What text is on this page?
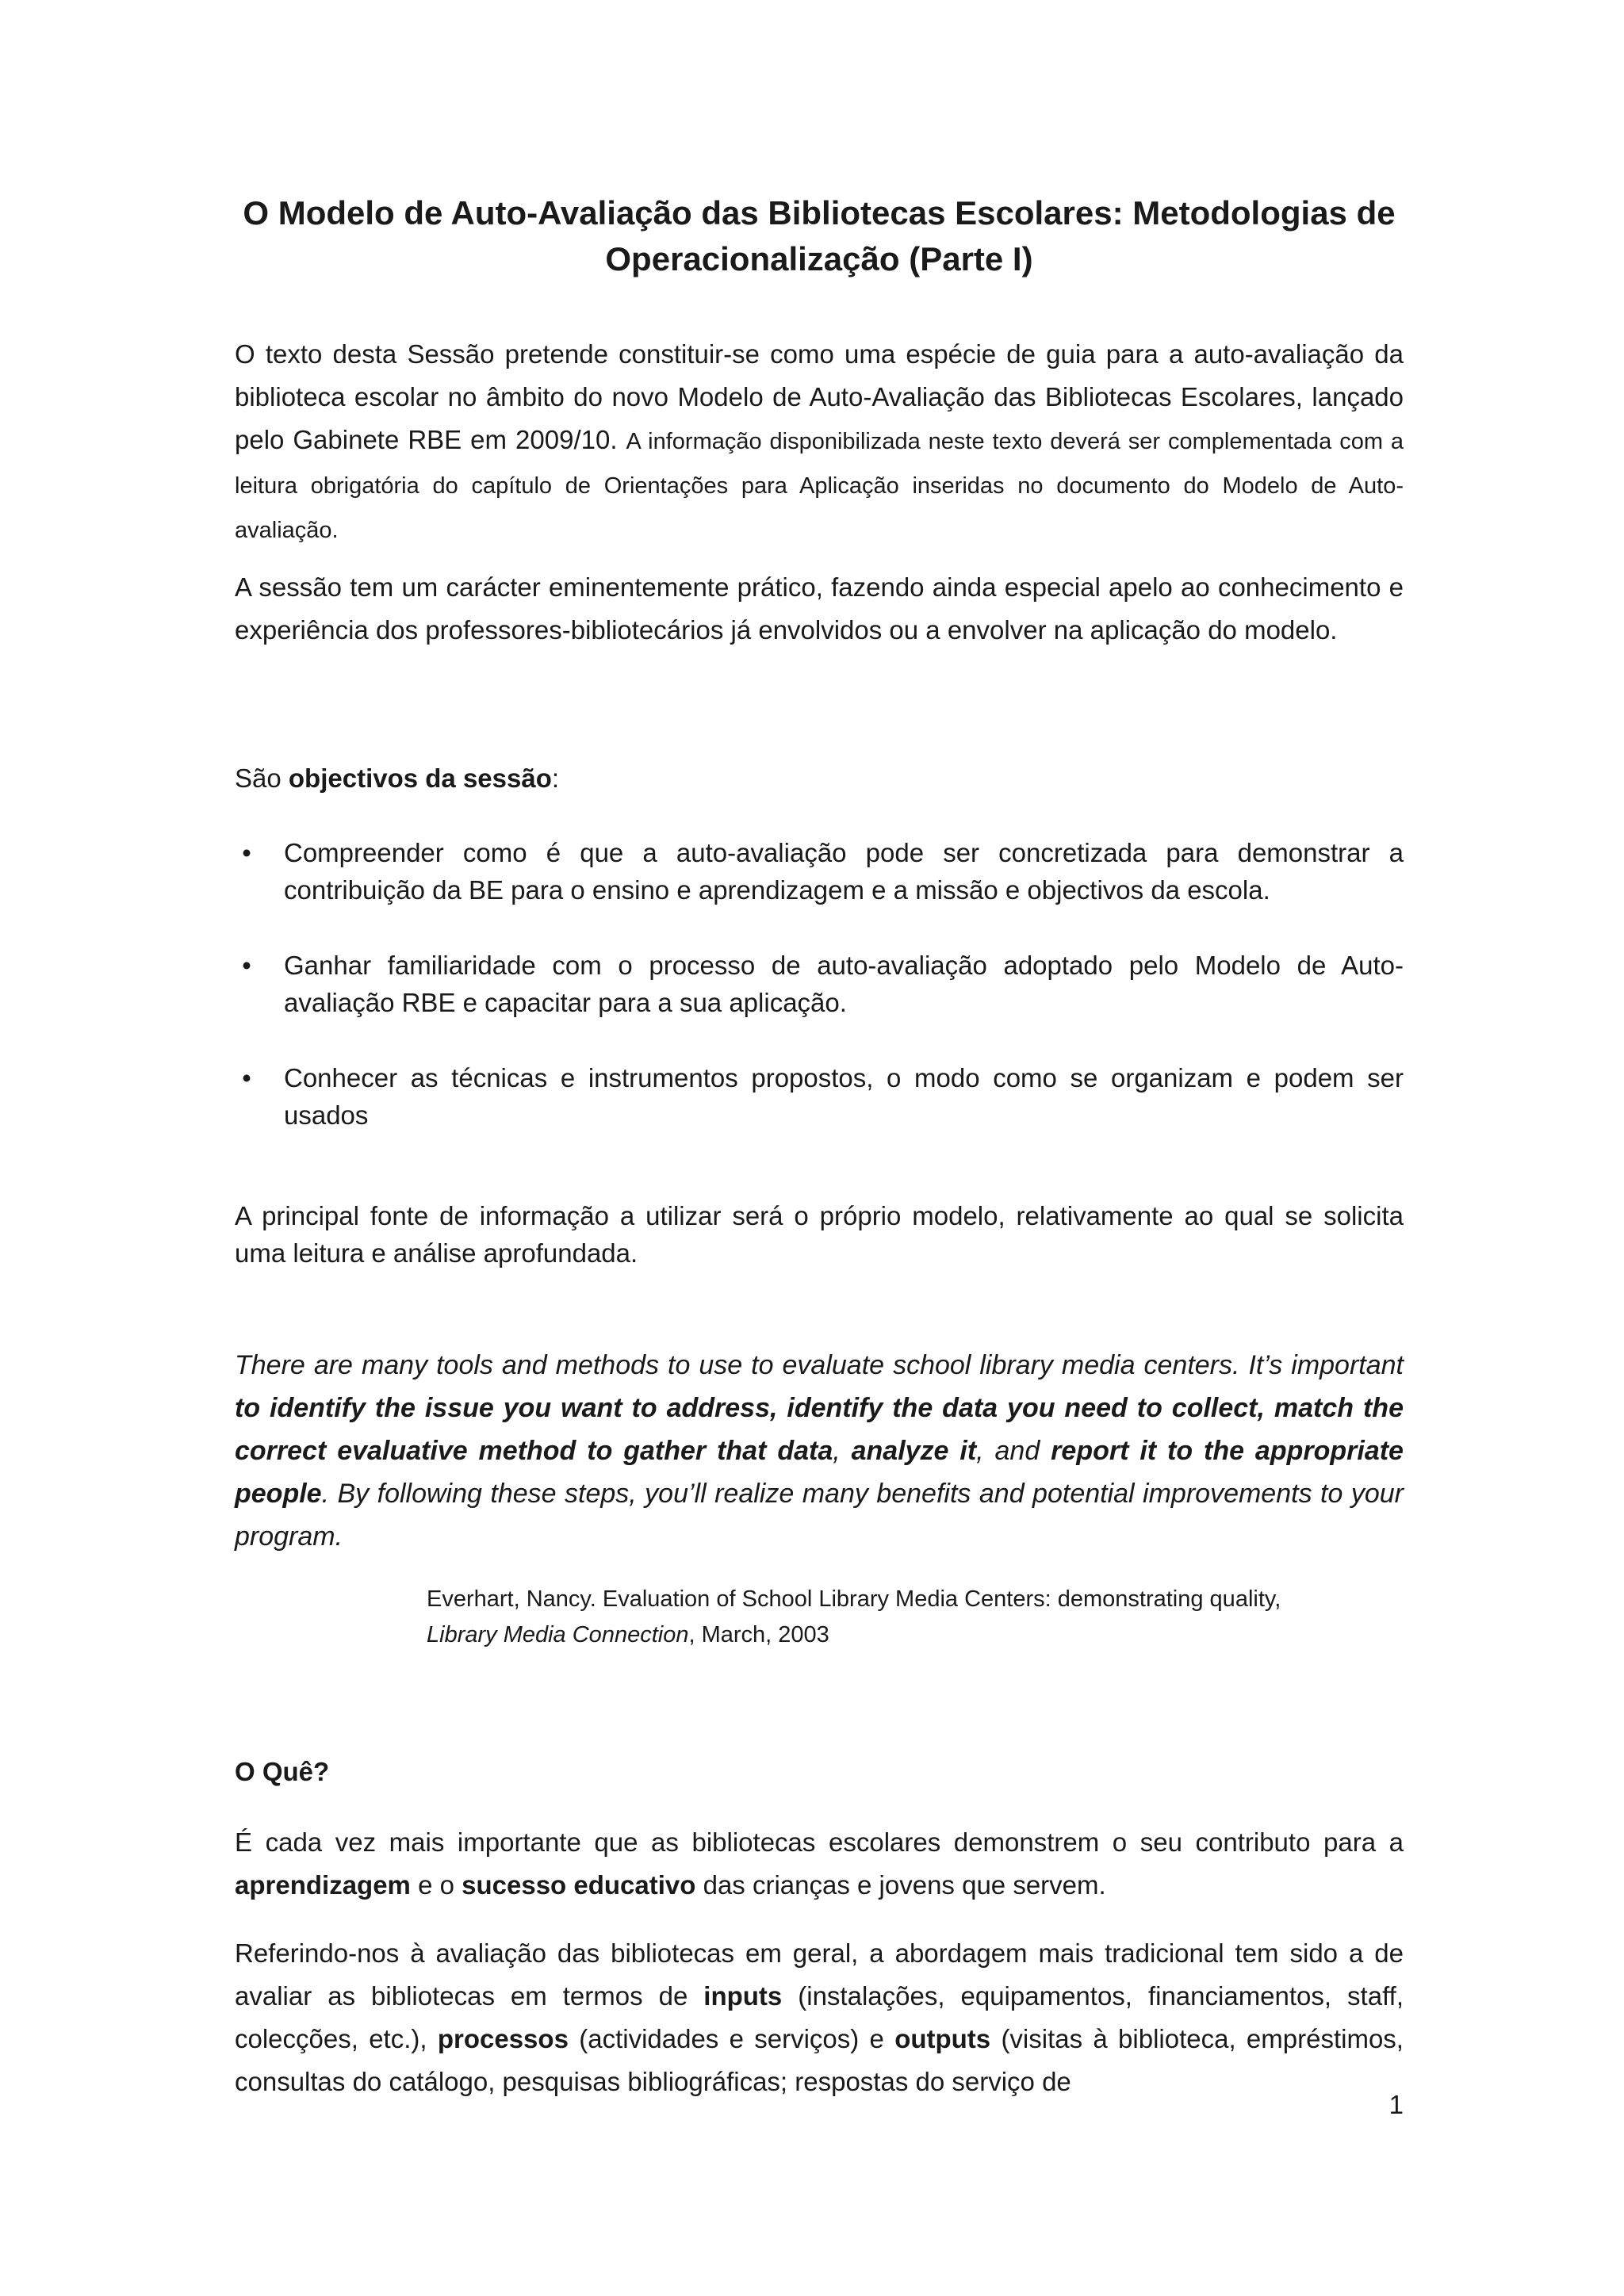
O Modelo de Auto-Avaliação das Bibliotecas Escolares: Metodologias de Operacionalização (Parte I)

O texto desta Sessão pretende constituir-se como uma espécie de guia para a auto-avaliação da biblioteca escolar no âmbito do novo Modelo de Auto-Avaliação das Bibliotecas Escolares, lançado pelo Gabinete RBE em 2009/10. A informação disponibilizada neste texto deverá ser complementada com a leitura obrigatória do capítulo de Orientações para Aplicação inseridas no documento do Modelo de Auto-avaliação.

A sessão tem um carácter eminentemente prático, fazendo ainda especial apelo ao conhecimento e experiência dos professores-bibliotecários já envolvidos ou a envolver na aplicação do modelo.

São objectivos da sessão:

• Compreender como é que a auto-avaliação pode ser concretizada para demonstrar a contribuição da BE para o ensino e aprendizagem e a missão e objectivos da escola.
• Ganhar familiaridade com o processo de auto-avaliação adoptado pelo Modelo de Auto-avaliação RBE e capacitar para a sua aplicação.
• Conhecer as técnicas e instrumentos propostos, o modo como se organizam e podem ser usados

A principal fonte de informação a utilizar será o próprio modelo, relativamente ao qual se solicita uma leitura e análise aprofundada.

There are many tools and methods to use to evaluate school library media centers. It’s important to identify the issue you want to address, identify the data you need to collect, match the correct evaluative method to gather that data, analyze it, and report it to the appropriate people. By following these steps, you’ll realize many benefits and potential improvements to your program.

Everhart, Nancy. Evaluation of School Library Media Centers: demonstrating quality, Library Media Connection, March, 2003

O Quê?

É cada vez mais importante que as bibliotecas escolares demonstrem o seu contributo para a aprendizagem e o sucesso educativo das crianças e jovens que servem.

Referindo-nos à avaliação das bibliotecas em geral, a abordagem mais tradicional tem sido a de avaliar as bibliotecas em termos de inputs (instalações, equipamentos, financiamentos, staff, colecções, etc.), processos (actividades e serviços) e outputs (visitas à biblioteca, empréstimos, consultas do catálogo, pesquisas bibliográficas; respostas do serviço de

1
